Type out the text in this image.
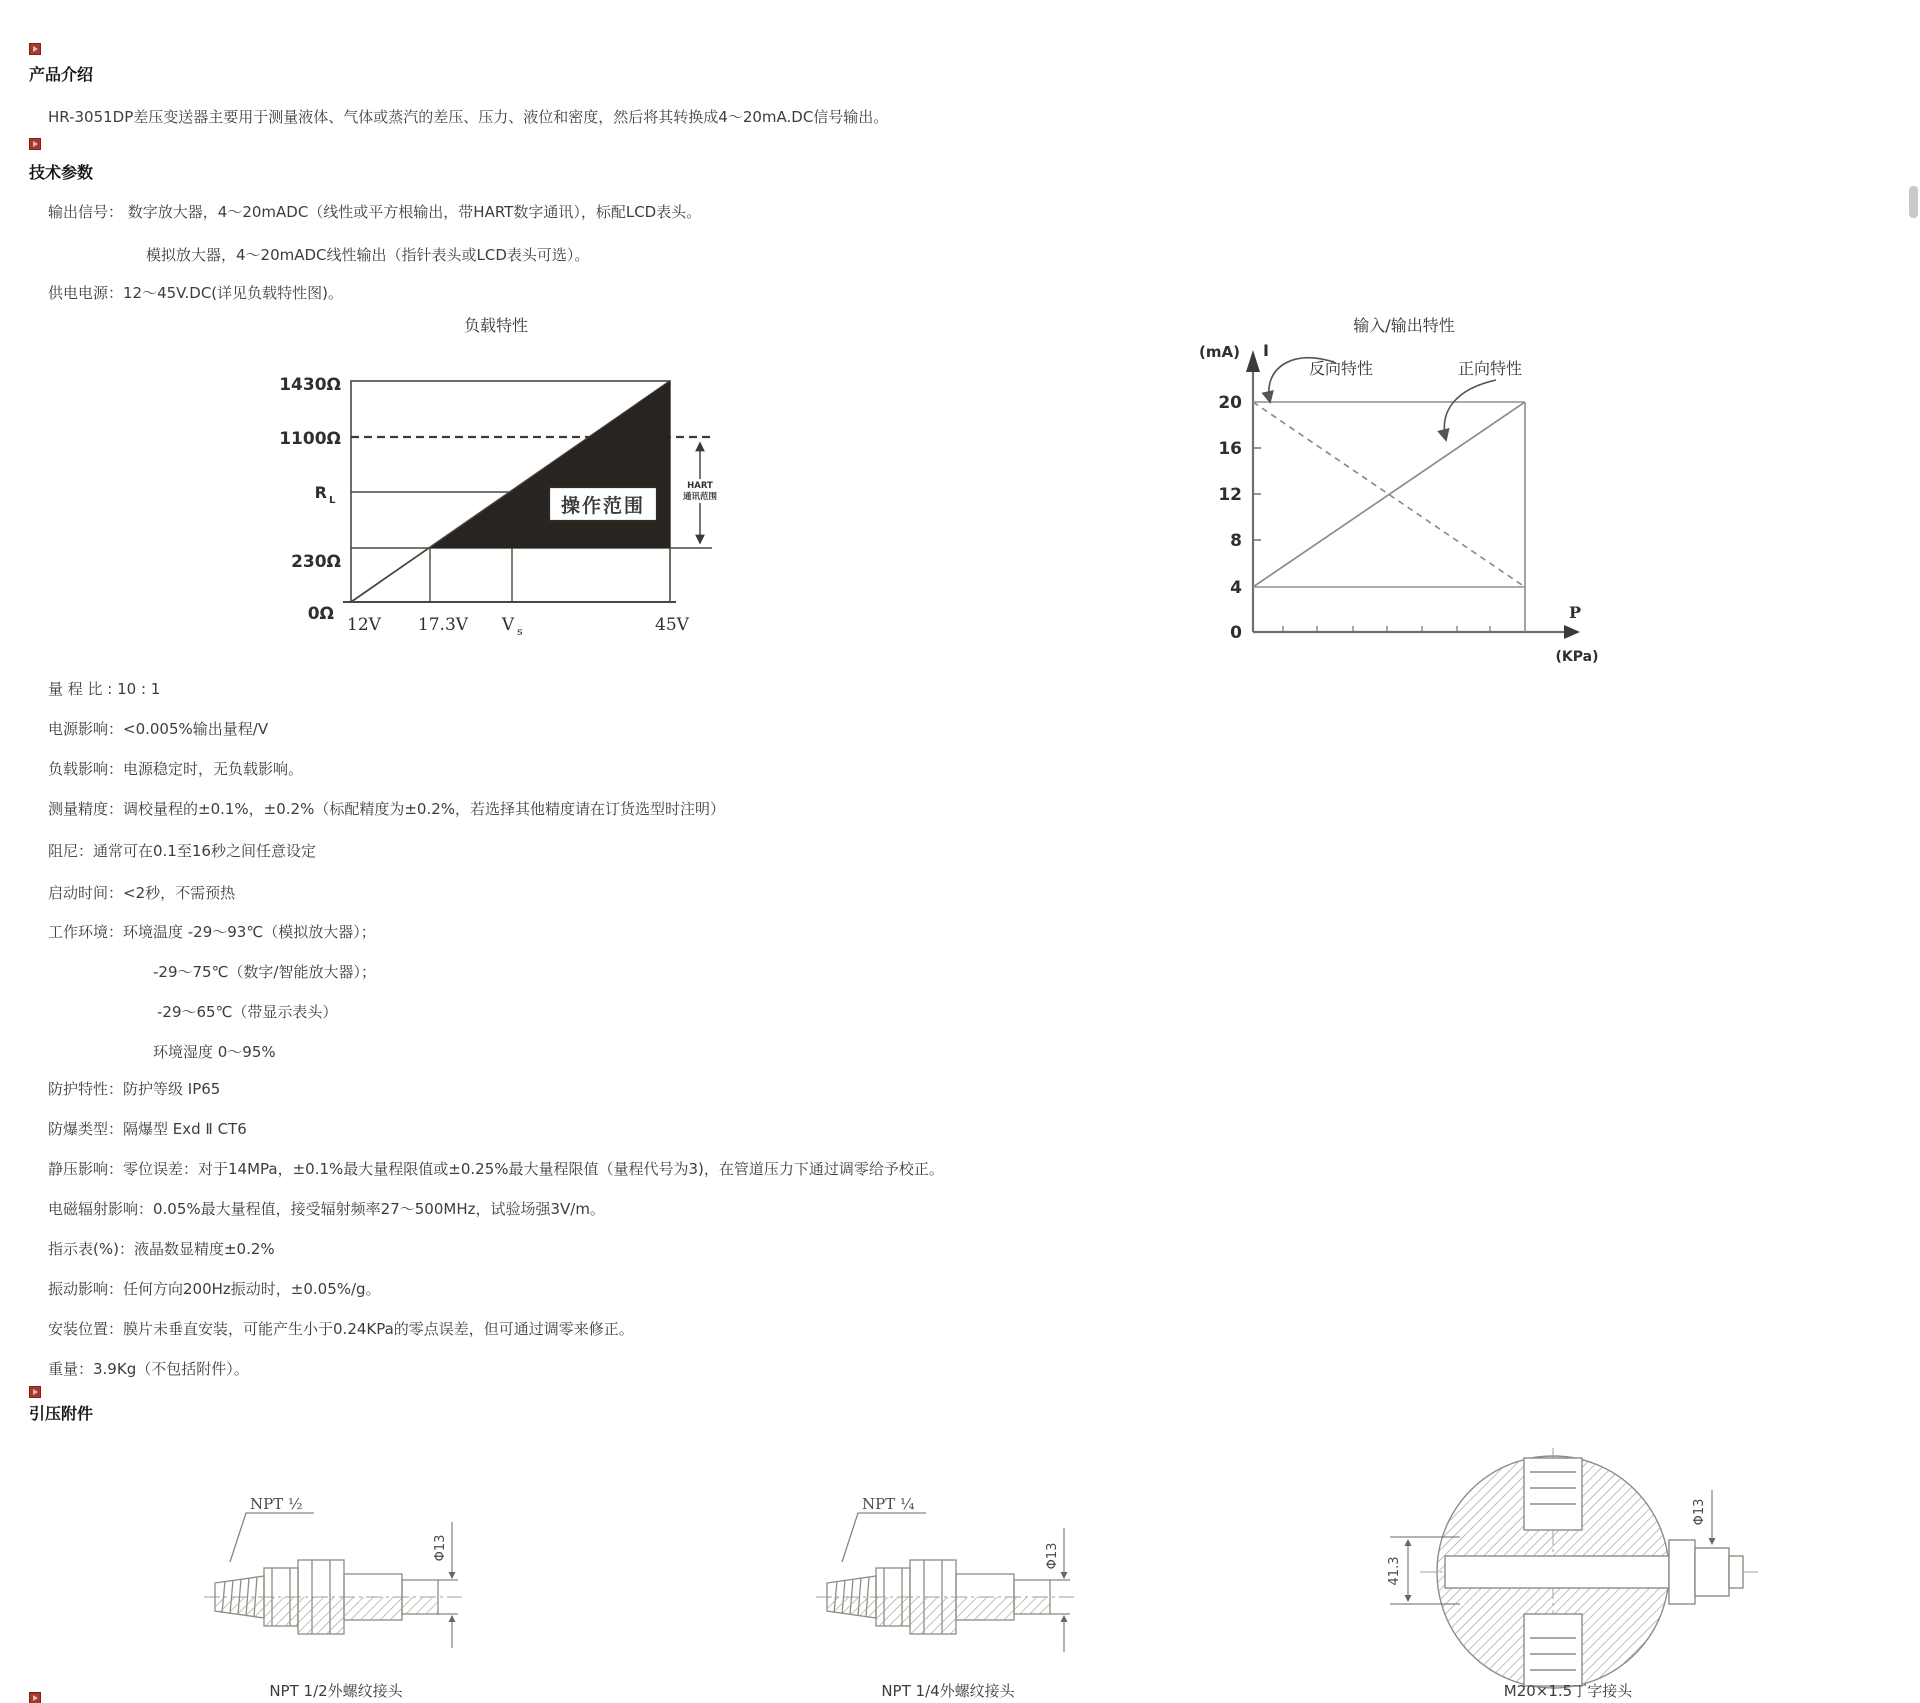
产品介绍
HR-3051DP差压变送器主要用于测量液体、气体或蒸汽的差压、压力、液位和密度，然后将其转换成4～20mA.DC信号输出。
技术参数
输出信号： 数字放大器，4～20mADC（线性或平方根输出，带HART数字通讯），标配LCD表头。
模拟放大器，4～20mADC线性输出（指针表头或LCD表头可选）。
供电电源：12～45V.DC(详见负载特性图)。
负载特性
操作范围
HART
通讯范围
1430Ω
1100Ω
R L
230Ω
0Ω
12V 17.3V V s	45V
输入/输出特性
(mA) I
20
16
12
8
4
0
P
(KPa)
反向特性	正向特性
量 程 比 : 10 : 1
电源影响：<0.005%输出量程/V
负载影响：电源稳定时，无负载影响。
测量精度：调校量程的±0.1%，±0.2%（标配精度为±0.2%，若选择其他精度请在订货选型时注明）
阻尼：通常可在0.1至16秒之间任意设定
启动时间：<2秒，不需预热
工作环境：环境温度 -29～93℃（模拟放大器）；
-29～75℃（数字/智能放大器）；
-29～65℃（带显示表头）
环境湿度 0～95%
防护特性：防护等级 IP65
防爆类型：隔爆型 Exd Ⅱ CT6
静压影响：零位误差：对于14MPa，±0.1%最大量程限值或±0.25%最大量程限值（量程代号为3)，在管道压力下通过调零给予校正。
电磁辐射影响：0.05%最大量程值，接受辐射频率27～500MHz，试验场强3V/m。
指示表(%)：液晶数显精度±0.2%
振动影响：任何方向200Hz振动时，±0.05%/g。
安装位置：膜片未垂直安装，可能产生小于0.24KPa的零点误差，但可通过调零来修正。
重量：3.9Kg（不包括附件）。
引压附件
NPT ½
Φ13
NPT 1/2外螺纹接头
NPT ¼
Φ13
NPT 1/4外螺纹接头
41.3
Φ13
M20×1.5丁字接头
